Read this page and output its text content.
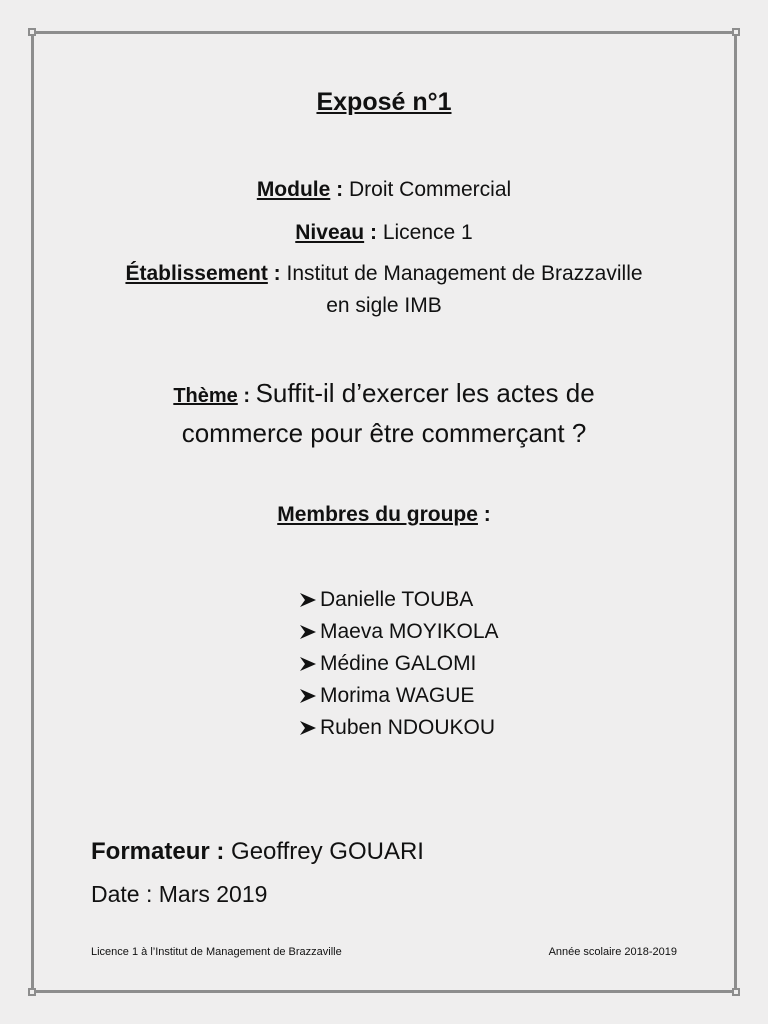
Exposé n°1
Module : Droit Commercial
Niveau : Licence 1
Établissement : Institut de Management de Brazzaville
en sigle IMB
Thème : Suffit-il d’exercer les actes de
commerce pour être commerçant ?
Membres du groupe :
Danielle TOUBA
Maeva MOYIKOLA
Médine GALOMI
Morima WAGUE
Ruben NDOUKOU
Formateur : Geoffrey GOUARI
Date : Mars 2019
Licence 1 à l’Institut de Management de Brazzaville	Année scolaire 2018-2019
